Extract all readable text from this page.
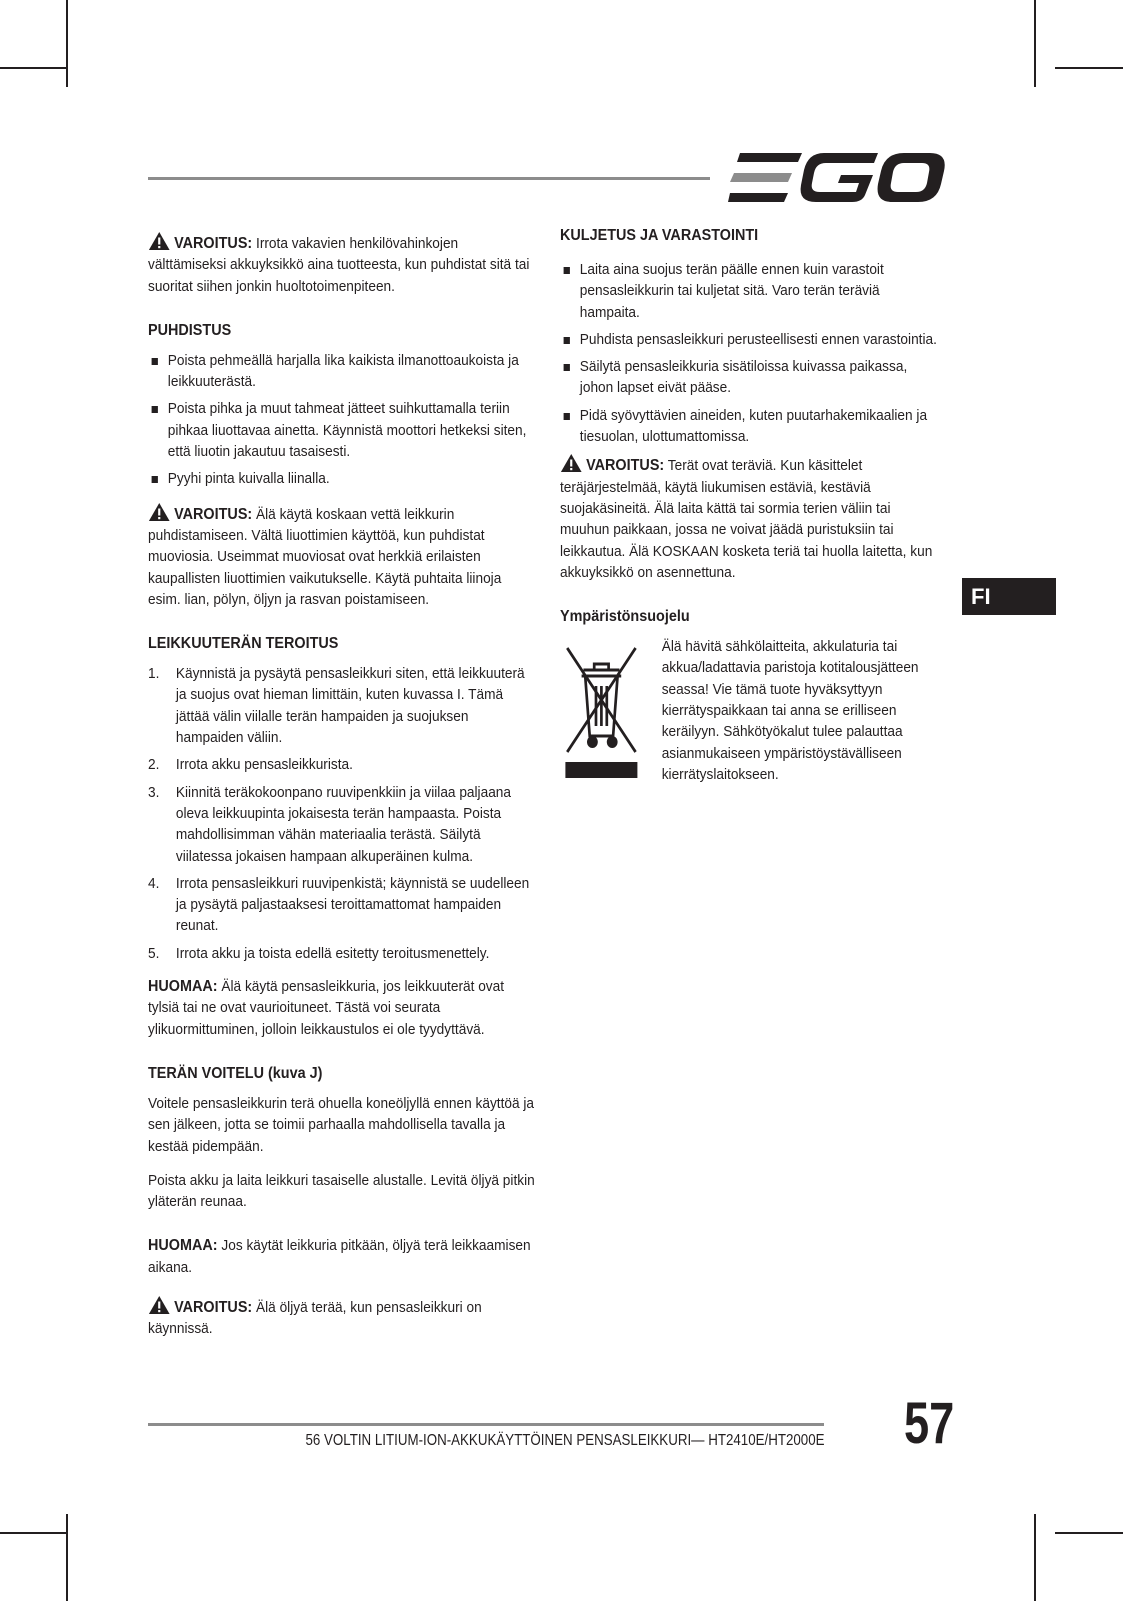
VAROITUS: Irrota vakavien henkilövahinkojen välttämiseksi akkuyksikkö aina tuotteesta, kun puhdistat sitä tai suoritat siihen jonkin huoltotoimenpiteen.

PUHDISTUS
Poista pehmeällä harjalla lika kaikista ilmanottoaukoista ja leikkuuterästä.
Poista pihka ja muut tahmeat jätteet suihkuttamalla teriin pihkaa liuottavaa ainetta. Käynnistä moottori hetkeksi siten, että liuotin jakautuu tasaisesti.
Pyyhi pinta kuivalla liinalla.

VAROITUS: Älä käytä koskaan vettä leikkurin puhdistamiseen. Vältä liuottimien käyttöä, kun puhdistat muoviosia. Useimmat muoviosat ovat herkkiä erilaisten kaupallisten liuottimien vaikutukselle. Käytä puhtaita liinoja esim. lian, pölyn, öljyn ja rasvan poistamiseen.

LEIKKUUTERÄN TEROITUS
1. Käynnistä ja pysäytä pensasleikkuri siten, että leikkuuterä ja suojus ovat hieman limittäin, kuten kuvassa I. Tämä jättää välin viilalle terän hampaiden ja suojuksen hampaiden väliin.
2. Irrota akku pensasleikkurista.
3. Kiinnitä teräkokoonpano ruuvipenkkiin ja viilaa paljaana oleva leikkuupinta jokaisesta terän hampaasta. Poista mahdollisimman vähän materiaalia terästä. Säilytä viilatessa jokaisen hampaan alkuperäinen kulma.
4. Irrota pensasleikkuri ruuvipenkistä; käynnistä se uudelleen ja pysäytä paljastaaksesi teroittamattomat hampaiden reunat.
5. Irrota akku ja toista edellä esitetty teroitusmenettely.

HUOMAA: Älä käytä pensasleikkuria, jos leikkuuterät ovat tylsiä tai ne ovat vaurioituneet. Tästä voi seurata ylikuormittuminen, jolloin leikkaustulos ei ole tyydyttävä.

TERÄN VOITELU (kuva J)

Voitele pensasleikkurin terä ohuella koneöljyllä ennen käyttöä ja sen jälkeen, jotta se toimii parhaalla mahdollisella tavalla ja kestää pidempään.

Poista akku ja laita leikkuri tasaiselle alustalle. Levitä öljyä pitkin yläterän reunaa.

HUOMAA: Jos käytät leikkuria pitkään, öljyä terä leikkaamisen aikana.

VAROITUS: Älä öljyä terää, kun pensasleikkuri on käynnissä.

KULJETUS JA VARASTOINTI
Laita aina suojus terän päälle ennen kuin varastoit pensasleikkurin tai kuljetat sitä. Varo terän teräviä hampaita.
Puhdista pensasleikkuri perusteellisesti ennen varastointia.
Säilytä pensasleikkuria sisätiloissa kuivassa paikassa, johon lapset eivät pääse.
Pidä syövyttävien aineiden, kuten puutarhakemikaalien ja tiesuolan, ulottumattomissa.

VAROITUS: Terät ovat teräviä. Kun käsittelet teräjärjestelmää, käytä liukumisen estäviä, kestäviä suojakäsineitä. Älä laita kättä tai sormia terien väliin tai muuhun paikkaan, jossa ne voivat jäädä puristuksiin tai leikkautua. Älä KOSKAAN kosketa teriä tai huolla laitetta, kun akkuyksikkö on asennettuna.

Ympäristönsuojelu
Älä hävitä sähkölaitteita, akkulaturia tai akkua/ladattavia paristoja kotitalousjätteen seassa! Vie tämä tuote hyväksyttyyn kierrätyspaikkaan tai anna se erilliseen keräilyyn. Sähkötyökalut tulee palauttaa asianmukaiseen ympäristöystävälliseen kierrätyslaitokseen.
FI
56 VOLTIN LITIUM-ION-AKKUKÄYTTÖINEN PENSASLEIKKURI— HT2410E/HT2000E 57
